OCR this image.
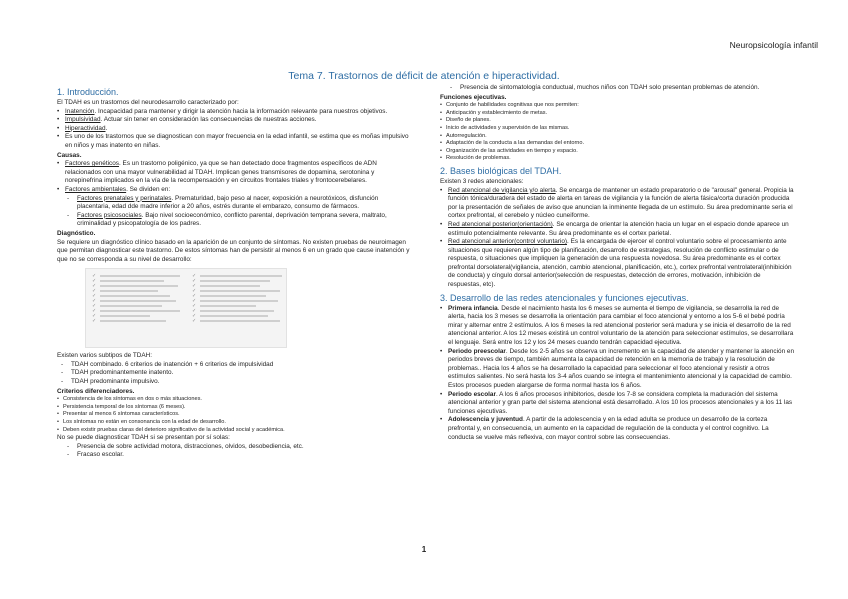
Neuropsicología infantil
Tema 7. Trastornos de déficit de atención e hiperactividad.
1. Introducción.

El TDAH es un trastornos del neurodesarrollo caracterizado por:

• Inatención. Incapacidad para mantener y dirigir la atención hacia la información relevante para nuestros objetivos.
• Impulsividad. Actuar sin tener en consideración las consecuencias de nuestras acciones.
• Hiperactividad.
• Es uno de los trastornos que se diagnostican con mayor frecuencia en la edad infantil, se estima que es moñas impulsivo en niños y mas inatento en niñas.
Causas.
• Factores genéticos. Es un trastorno poligénico, ya que se han detectado doce fragmentos específicos de ADN relacionados con una mayor vulnerabilidad al TDAH. Implican genes transmisores de dopamina, serotonina y norepinefrina implicados en la vía de la recompensación y en circuitos frontales triales y frontocerebelares.
• Factores ambientales. Se dividen en:
- Factores prenatales y perinatales. Prematuridad, bajo peso al nacer, exposición a neurotóxicos, disfunción placentaria, edad dde madre inferior a 20 años, estrés durante el embarazo, consumo de fármacos.
- Factores psicosociales. Bajo nivel socioeconómico, conflicto parental, deprivación temprana severa, maltrato, criminalidad y psicopatología de los padres.
Diagnóstico.

Se requiere un diagnóstico clínico basado en la aparición de un conjunto de síntomas. No existen pruebas de neuroimagen que permitan diagnosticar este trastorno. De estos síntomas han de persistir al menos 6 en un grado que cause inatención y que no se corresponda a su nivel de desarrollo:

✓
✓
✓
✓
✓
✓
✓
✓
✓
✓
✓
✓
✓
✓
✓
✓
✓
✓
✓
✓

Existen varios subtipos de TDAH:

- TDAH combinado. 6 criterios de inatención + 6 criterios de impulsividad
- TDAH predominantemente inatento.
- TDAH predominante impulsivo.
Criterios diferenciadores.
• Consistencia de los síntomas en dos o más situaciones.
• Persistencia temporal de los síntomas (6 meses).
• Presentar al menos 6 síntomas característicos.
• Los síntomas no están en consonancia con la edad de desarrollo.
• Deben existir pruebas claras del deterioro significativo de la actividad social y académica.

No se puede diagnosticar TDAH si se presentan por sí solas:

- Presencia de sobre actividad motora, distracciones, olvidos, desobediencia, etc.
- Fracaso escolar.
- Presencia de sintomatología conductual, muchos niños con TDAH solo presentan problemas de atención.
Funciones ejecutivas.
• Conjunto de habilidades cognitivas que nos permiten:
• Anticipación y establecimiento de metas.
• Diseño de planes.
• Inicio de actividades y supervisión de las mismas.
• Autorregulación.
• Adaptación de la conducta a las demandas del entorno.
• Organización de las actividades en tiempo y espacio.
• Resolución de problemas.
2. Bases biológicas del TDAH.

Existen 3 redes atencionales:

• Red atencional de vigilancia y/o alerta. Se encarga de mantener un estado preparatorio o de "arousal" general. Propicia la función tónica/duradera del estado de alerta en tareas de vigilancia y la función de alerta fásica/corta duración producida por la presentación de señales de aviso que anuncian la inminente llegada de un estímulo. Su área predominante sería el cortex prefrontal, el cerebelo y núcleo cuneiforme.
• Red atencional posterior(orientación). Se encarga de orientar la atención hacia un lugar en el espacio donde aparece un estímulo potencialmente relevante. Su área predominante es el cortex parietal.
• Red atencional anterior(control voluntario). Es la encargada de ejercer el control voluntario sobre el procesamiento ante situaciones que requieren algún tipo de planificación, desarrollo de estrategias, resolución de conflicto estimular o de respuesta, o situaciones que impliquen la generación de una respuesta novedosa. Su área predominante es el cortex prefrontal dorsolateral(vigilancia, atención, cambio atencional, planificación, etc.), cortex prefrontal ventrolateral(inhibición de conducta) y cíngulo dorsal anterior(selección de respuestas, detección de errores, motivación, inhibición de respuestas, etc).
3. Desarrollo de las redes atencionales y funciones ejecutivas.
• Primera infancia. Desde el nacimiento hasta los 6 meses se aumenta el tiempo de vigilancia, se desarrolla la red de alerta, hacia los 3 meses se desarrolla la orientación para cambiar el foco atencional y entorno a los 5-6 el bebé podría mirar y alternar entre 2 estímulos. A los 6 meses la red atencional posterior será madura y se inicia el desarrollo de la red atencional anterior. A los 12 meses existirá un control voluntario de la atención para seleccionar estímulos, se desarrollara el lenguaje. Será entre los 12 y los 24 meses cuando tendrán capacidad ejecutiva.
• Periodo preescolar. Desde los 2-5 años se observa un incremento en la capacidad de atender y mantener la atención en periodos breves de tiempo, también aumenta la capacidad de retención en la memoria de trabajo y la resolución de problemas.. Hacia los 4 años se ha desarrollado la capacidad para seleccionar el foco atencional y resistir a otros estímulos salientes. No será hasta los 3-4 años cuando se integra el mantenimiento atencional y la capacidad de cambio. Estos procesos pueden alargarse de forma normal hasta los 6 años.
• Periodo escolar. A los 6 años procesos inhibitorios, desde los 7-8 se considera completa la maduración del sistema atencional anterior y gran parte del sistema atencional está desarrollado. A los 10 los procesos atencionales y a los 11 las funciones ejecutivas.
• Adolescencia y juventud. A partir de la adolescencia y en la edad adulta se produce un desarrollo de la corteza prefrontal y, en consecuencia, un aumento en la capacidad de regulación de la conducta y el control cognitivo. La conducta se vuelve más reflexiva, con mayor control sobre las consecuencias.
1
